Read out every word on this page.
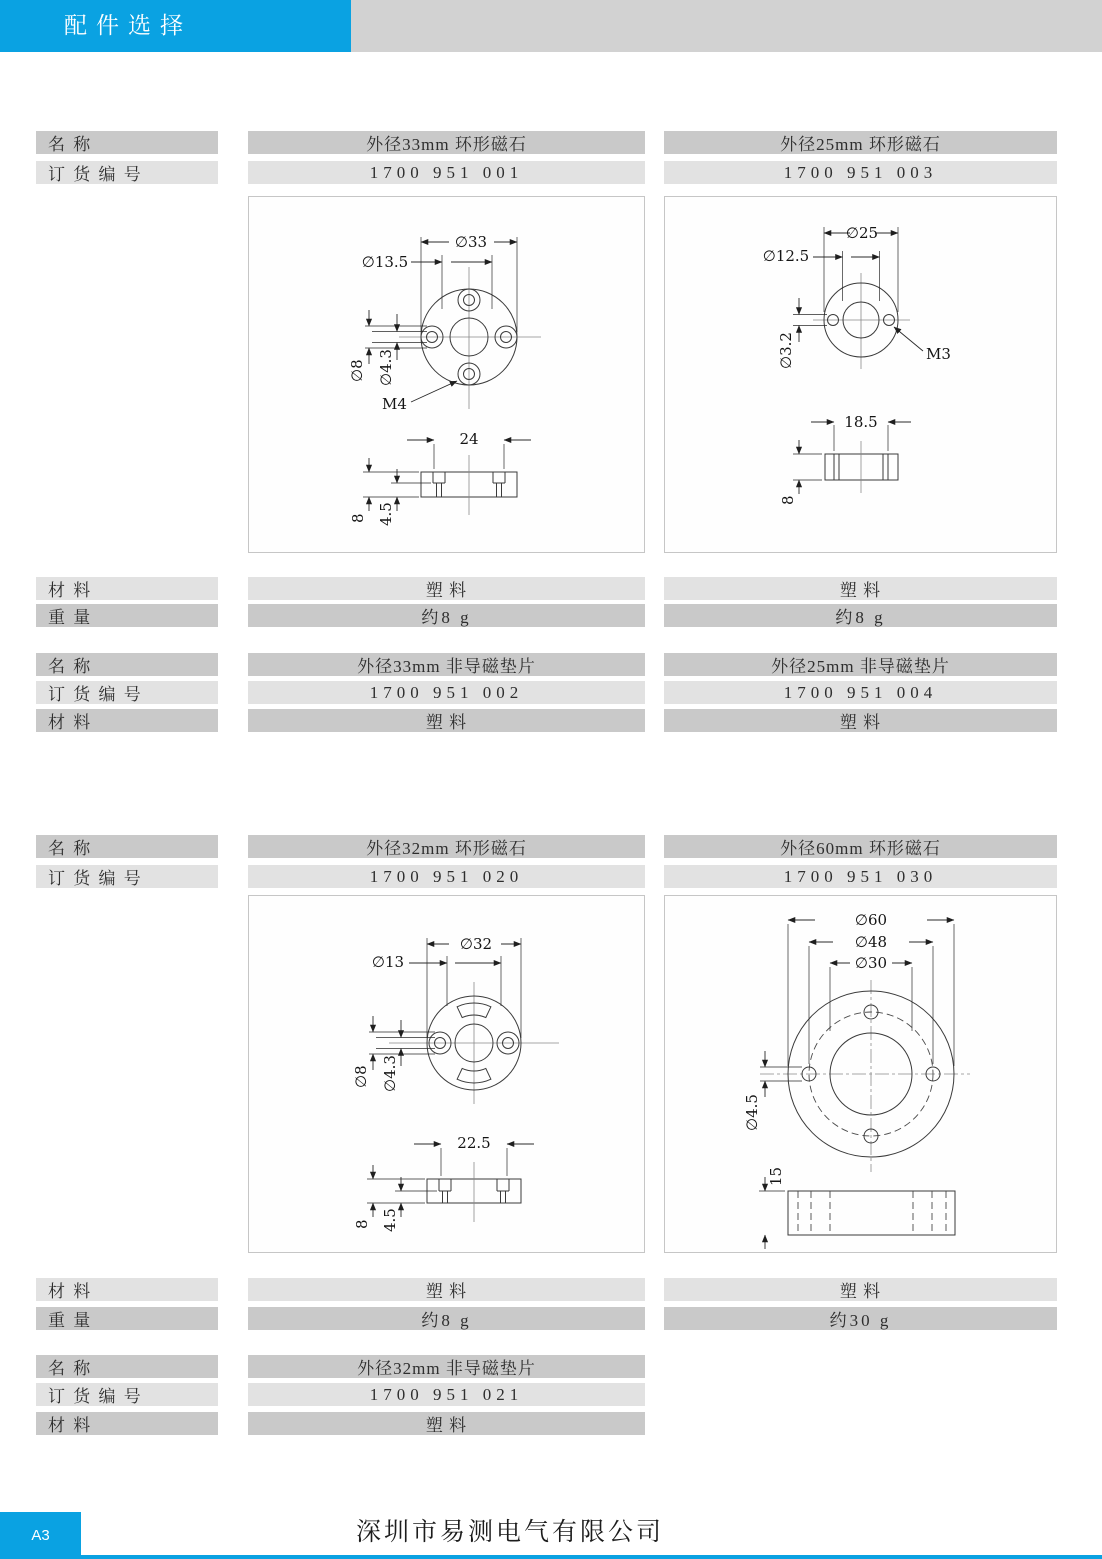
配件选择
名 称	外径33mm 环形磁石	外径25mm 环形磁石
订 货 编 号	1700 951 001	1700 951 003
∅33
∅13.5
∅8 ∅4.3
M4
24
8 4.5
∅25
∅12.5
∅3.2	M3
18.5
8
材 料	塑 料	塑 料
重 量	约8 g	约8 g
名 称	外径33mm 非导磁垫片	外径25mm 非导磁垫片
订 货 编 号	1700 951 002	1700 951 004
材 料	塑 料	塑 料
名 称	外径32mm 环形磁石	外径60mm 环形磁石
订 货 编 号	1700 951 020	1700 951 030
∅32
∅13
∅8 ∅4.3
22.5
8 4.5
∅60
∅48
∅30
∅4.5
15
材 料	塑 料	塑 料
重 量	约8 g	约30 g
名 称	外径32mm 非导磁垫片
订 货 编 号	1700 951 021
材 料	塑 料
A3	深圳市易测电气有限公司
